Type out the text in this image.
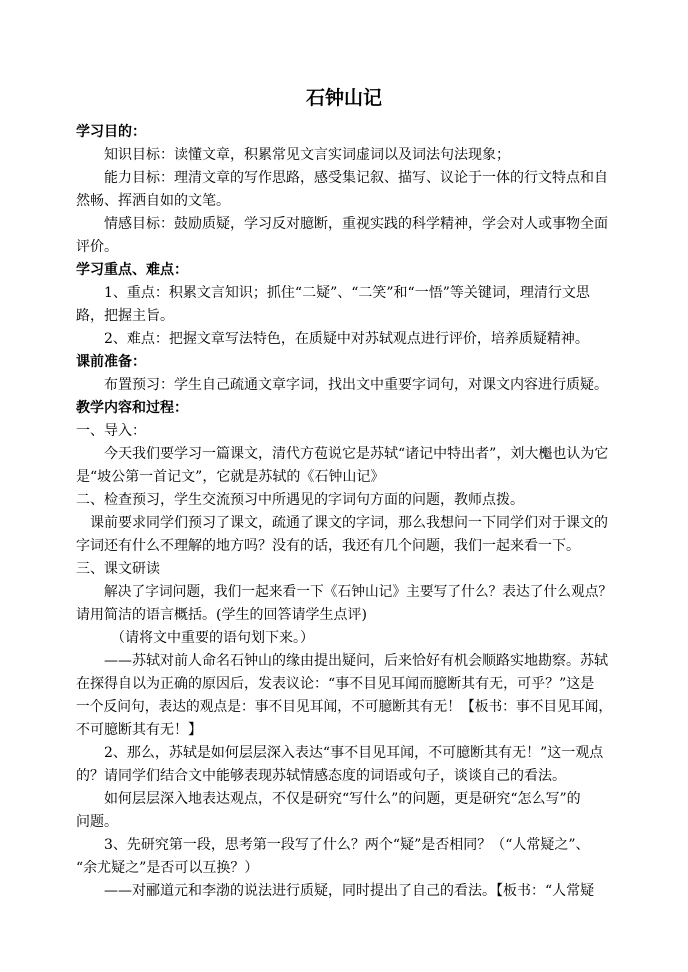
石钟山记
学习目的：
知识目标：读懂文章，积累常见文言实词虚词以及词法句法现象；
能力目标：理清文章的写作思路，感受集记叙、描写、议论于一体的行文特点和自
然畅、挥洒自如的文笔。
情感目标：鼓励质疑，学习反对臆断，重视实践的科学精神，学会对人或事物全面
评价。
学习重点、难点：
1、重点：积累文言知识；抓住“二疑”、“二笑”和“一悟”等关键词，理清行文思
路，把握主旨。
2、难点：把握文章写法特色，在质疑中对苏轼观点进行评价，培养质疑精神。
课前准备：
布置预习：学生自己疏通文章字词，找出文中重要字词句，对课文内容进行质疑。
教学内容和过程：
一、导入：
今天我们要学习一篇课文，清代方苞说它是苏轼“诸记中特出者”，刘大櫆也认为它
是“坡公第一首记文”，它就是苏轼的《石钟山记》
二、检查预习，学生交流预习中所遇见的字词句方面的问题，教师点拨。
课前要求同学们预习了课文，疏通了课文的字词，那么我想问一下同学们对于课文的
字词还有什么不理解的地方吗？没有的话，我还有几个问题，我们一起来看一下。
三、课文研读
解决了字词问题，我们一起来看一下《石钟山记》主要写了什么？表达了什么观点？
请用简洁的语言概括。(学生的回答请学生点评)
（请将文中重要的语句划下来。）
——苏轼对前人命名石钟山的缘由提出疑问，后来恰好有机会顺路实地勘察。苏轼
在探得自以为正确的原因后，发表议论：“事不目见耳闻而臆断其有无，可乎？”这是
一个反问句，表达的观点是：事不目见耳闻，不可臆断其有无！【板书：事不目见耳闻，
不可臆断其有无！】
2、那么，苏轼是如何层层深入表达“事不目见耳闻，不可臆断其有无！”这一观点
的？请同学们结合文中能够表现苏轼情感态度的词语或句子，谈谈自己的看法。
如何层层深入地表达观点，不仅是研究“写什么”的问题，更是研究“怎么写”的
问题。
3、先研究第一段，思考第一段写了什么？两个“疑”是否相同？（“人常疑之”、
“余尤疑之”是否可以互换？）
——对郦道元和李渤的说法进行质疑，同时提出了自己的看法。【板书：“人常疑
